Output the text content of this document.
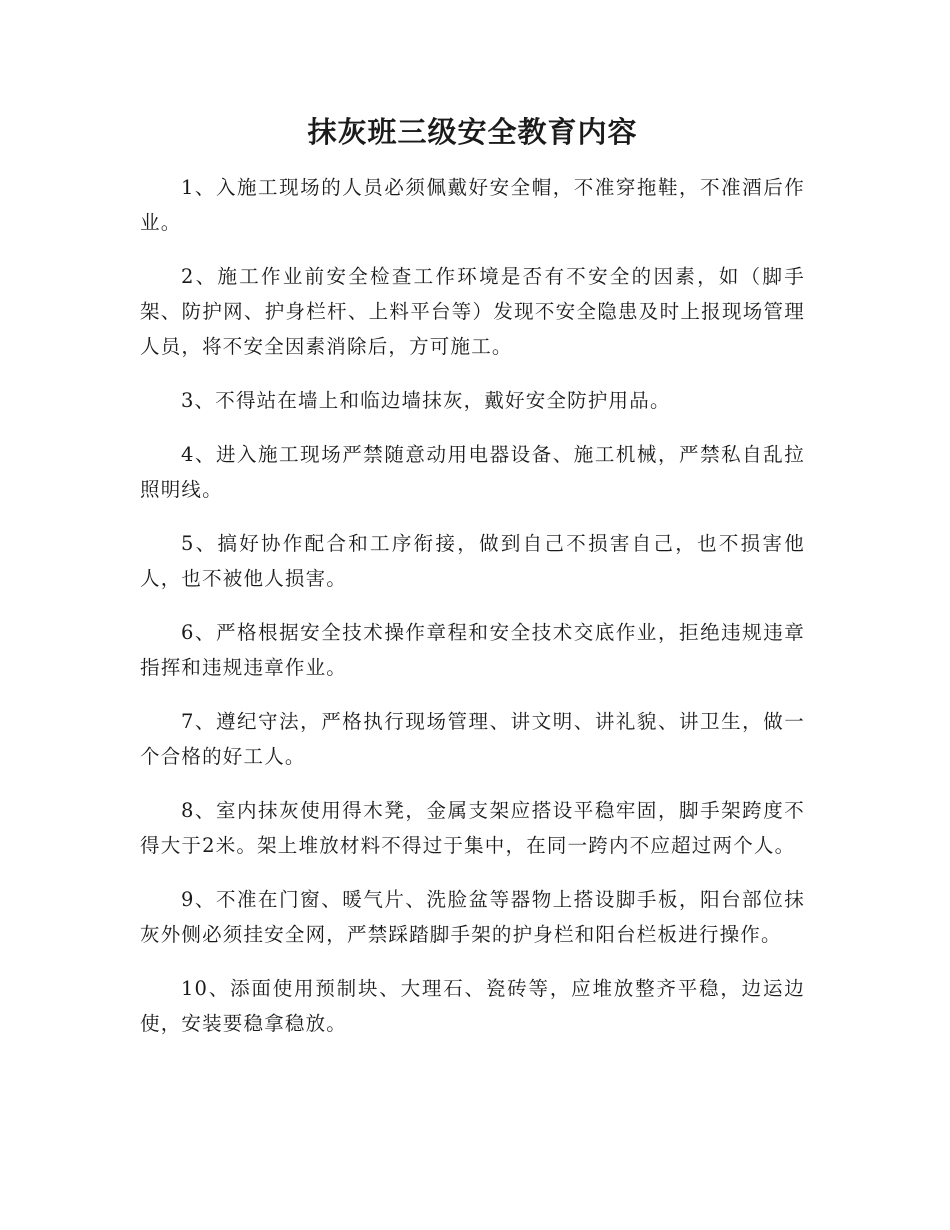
抹灰班三级安全教育内容

1、入施工现场的人员必须佩戴好安全帽，不准穿拖鞋，不准酒后作业。

2、施工作业前安全检查工作环境是否有不安全的因素，如（脚手架、防护网、护身栏杆、上料平台等）发现不安全隐患及时上报现场管理人员，将不安全因素消除后，方可施工。

3、不得站在墙上和临边墙抹灰，戴好安全防护用品。

4、进入施工现场严禁随意动用电器设备、施工机械，严禁私自乱拉照明线。

5、搞好协作配合和工序衔接，做到自己不损害自己，也不损害他人，也不被他人损害。

6、严格根据安全技术操作章程和安全技术交底作业，拒绝违规违章指挥和违规违章作业。

7、遵纪守法，严格执行现场管理、讲文明、讲礼貌、讲卫生，做一个合格的好工人。

8、室内抹灰使用得木凳，金属支架应搭设平稳牢固，脚手架跨度不得大于2米。架上堆放材料不得过于集中，在同一跨内不应超过两个人。

9、不准在门窗、暖气片、洗脸盆等器物上搭设脚手板，阳台部位抹灰外侧必须挂安全网，严禁踩踏脚手架的护身栏和阳台栏板进行操作。

10、添面使用预制块、大理石、瓷砖等，应堆放整齐平稳，边运边使，安装要稳拿稳放。
